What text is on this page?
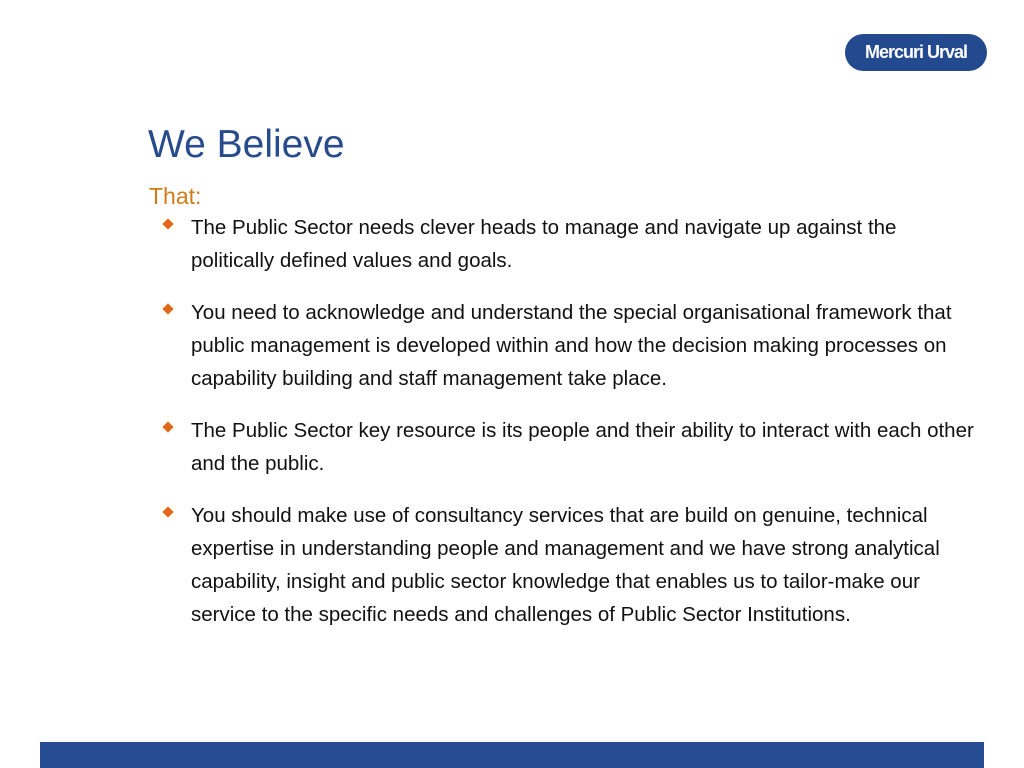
Mercuri Urval
We Believe
That:
The Public Sector needs clever heads to manage and navigate up against the politically defined values and goals.
You need to acknowledge and understand the special organisational framework that public management is developed within and how the decision making processes on capability building and staff management take place.
The Public Sector key resource is its people and their ability to interact with each other and the public.
You should make use of consultancy services that are build on genuine, technical expertise in understanding people and management and we have strong analytical capability, insight and public sector knowledge that enables us to tailor-make our service to the specific needs and challenges of Public Sector Institutions.
